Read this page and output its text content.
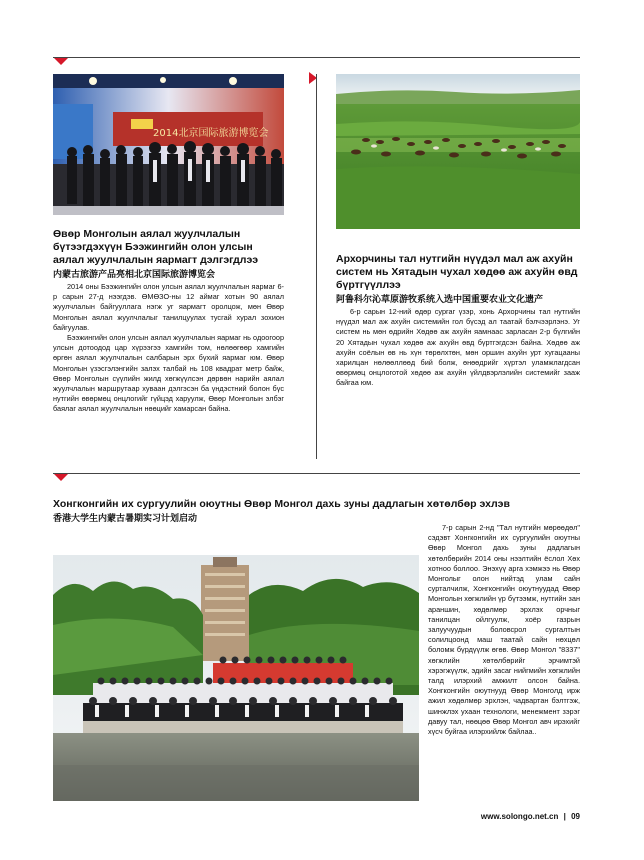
2014北京国际旅游博览会
Өвөр Монголын аялал жуулчлалын бүтээгдэхүүн Бээжингийн олон улсын аялал жуулчлалын яармагт дэлгэгдлээ
内蒙古旅游产品亮相北京国际旅游博览会

2014 оны Бээжингийн олон улсын аялал жуулчлалын яармаг 6-р сарын 27-д нээгдэв. ӨМӨЗО-ны 12 аймаг хотын 90 аялал жуулчлалын байгууллага нэгж уг яармагт оролцож, мөн Өвөр Монголын аялал жуулчлалыг танилцуулах тусгай хурал зохион байгуулав.

Бээжингийн олон улсын аялал жуулчлалын яармаг нь одоогоор улсын дотоодод цар хүрээгээ хамгийн том, нөлөөгөөр хамгийн өргөн аялал жуулчлалын салбарын эрх бүхий яармаг юм. Өвөр Монголын үзэсгэлэнгийн залэх талбай нь 108 квадрат метр байж, Өвөр Монголын сүүлийн жилд хөгжүүлсэн дөрвөн нарийн аялал жуулчлалын маршрутаар хуваан дэлгэсэн ба үндэстний болон бүс нутгийн өвөрмөц онцлогийг гүйцэд харуулж, Өвөр Монголын элбэг баялаг аялал жуулчлалын нөөцийг хамарсан байна.

Архорчины тал нутгийн нүүдэл мал аж ахуйн систем нь Хятадын чухал хөдөө аж ахуйн өвд бүртгүүллээ
阿鲁科尔沁草原游牧系统入选中国重要农业文化遗产

6-р сарын 12-ний өдөр сургаг үзэр, хонь Архорчины тал нутгийн нүүдэл мал аж ахуйн системийн гол бүсэд ал таатай бэлчээрлэнэ. Уг систем нь мөн өдрийн Хөдөө аж ахуйн яамнаас зарласан 2-р бүлгийн 20 Хятадын чухал хөдөө аж ахуйн өвд бүртгэгдсэн байна. Хөдөө аж ахуйн соёлын өв нь хүн төрөлхтөн, мөн оршин ахуйн урт хугацааны харилцан нөлөөллөөд бий болж, өнөөдрийг хүртэл уламжлагдсан өвөрмөц онцлоготой хөдөө аж ахуйн үйлдвэрлэлийн системийг зааж байгаа юм.

Хонгконгийн их сургуулийн оюутны Өвөр Монгол дахь зуны дадлагын хөтөлбөр эхлэв
香港大学生内蒙古暑期实习计划启动

7-р сарын 2-нд "Тал нутгийн мөрөөдөл" сэдэвт Хонгконгийн их сургуулийн оюутны Өвөр Монгол дахь зуны дадлагын хөтөлбөрийн 2014 оны нээлтийн ёслол Хөх хотноо боллоо. Энэхүү арга хэмжээ нь Өвөр Монголыг олон нийтэд улам сайн сурталчилж, Хонгконгийн оюутнуудад Өвөр Монголын хөгжлийн үр бүтээмж, нутгийн зан араншин, хөдөлмөр эрхлэх орчныг танилцан ойлгуулж, хоёр газрын залуучуудын боловсрол сургалтын солилцоонд маш таатай сайн нөхцөл боломж бүрдүүлж өгөв. Өвөр Монгол "8337" хөгжлийн хөтөлбөрийг эрчимтэй хэрэгжүүлж, эдийн засаг нийгмийн хөгжлийн талд илэрхий амжилт олсон байна. Хонгконгийн оюутнууд Өвөр Монголд ирж ажил хөдөлмөр эрхлэн, чадвартан бэлтгэж, шинжлэх ухаан технологи, менежмент зэрэг давуу тал, нөөцөө Өвөр Монгол авч ирэхийг хүсч буйгаа илэрхийлж байлаа..

www.solongo.net.cn | 09
